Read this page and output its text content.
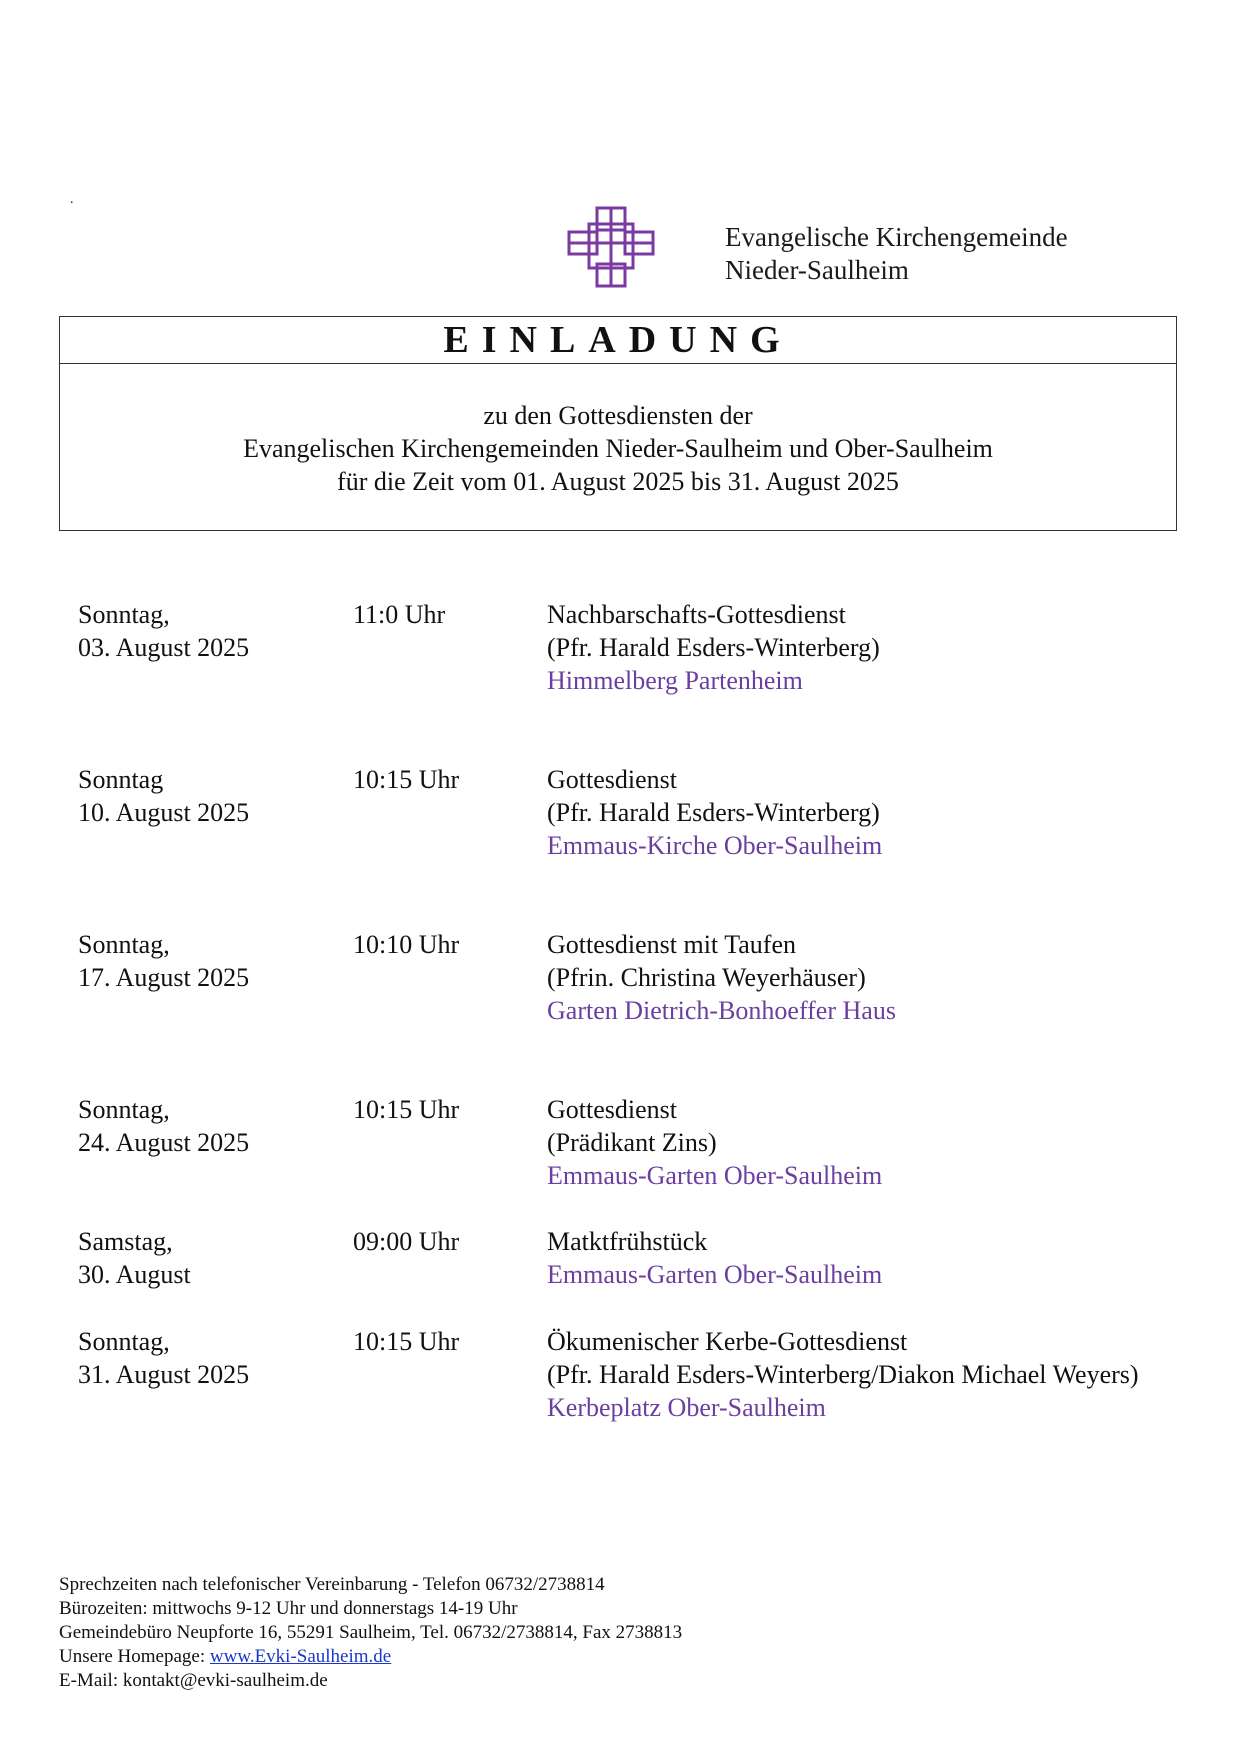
.
Evangelische Kirchengemeinde
Nieder-Saulheim
EINLADUNG
zu den Gottesdiensten der
Evangelischen Kirchengemeinden Nieder-Saulheim und Ober-Saulheim
für die Zeit vom 01. August 2025 bis 31. August 2025
Sonntag,
03. August 2025
11:0 Uhr	Nachbarschafts-Gottesdienst
(Pfr. Harald Esders-Winterberg)
Himmelberg Partenheim
Sonntag
10. August 2025
10:15 Uhr	Gottesdienst
(Pfr. Harald Esders-Winterberg)
Emmaus-Kirche Ober-Saulheim
Sonntag,
17. August 2025
10:10 Uhr	Gottesdienst mit Taufen
(Pfrin. Christina Weyerhäuser)
Garten Dietrich-Bonhoeffer Haus
Sonntag,
24. August 2025
10:15 Uhr	Gottesdienst
(Prädikant Zins)
Emmaus-Garten Ober-Saulheim
Samstag,
30. August
09:00 Uhr	Matktfrühstück
Emmaus-Garten Ober-Saulheim
Sonntag,
31. August 2025
10:15 Uhr	Ökumenischer Kerbe-Gottesdienst
(Pfr. Harald Esders-Winterberg/Diakon Michael Weyers)
Kerbeplatz Ober-Saulheim
Sprechzeiten nach telefonischer Vereinbarung - Telefon 06732/2738814
Bürozeiten: mittwochs 9-12 Uhr und donnerstags 14-19 Uhr
Gemeindebüro Neupforte 16, 55291 Saulheim, Tel. 06732/2738814, Fax 2738813
Unsere Homepage: www.Evki-Saulheim.de
E-Mail: kontakt@evki-saulheim.de
